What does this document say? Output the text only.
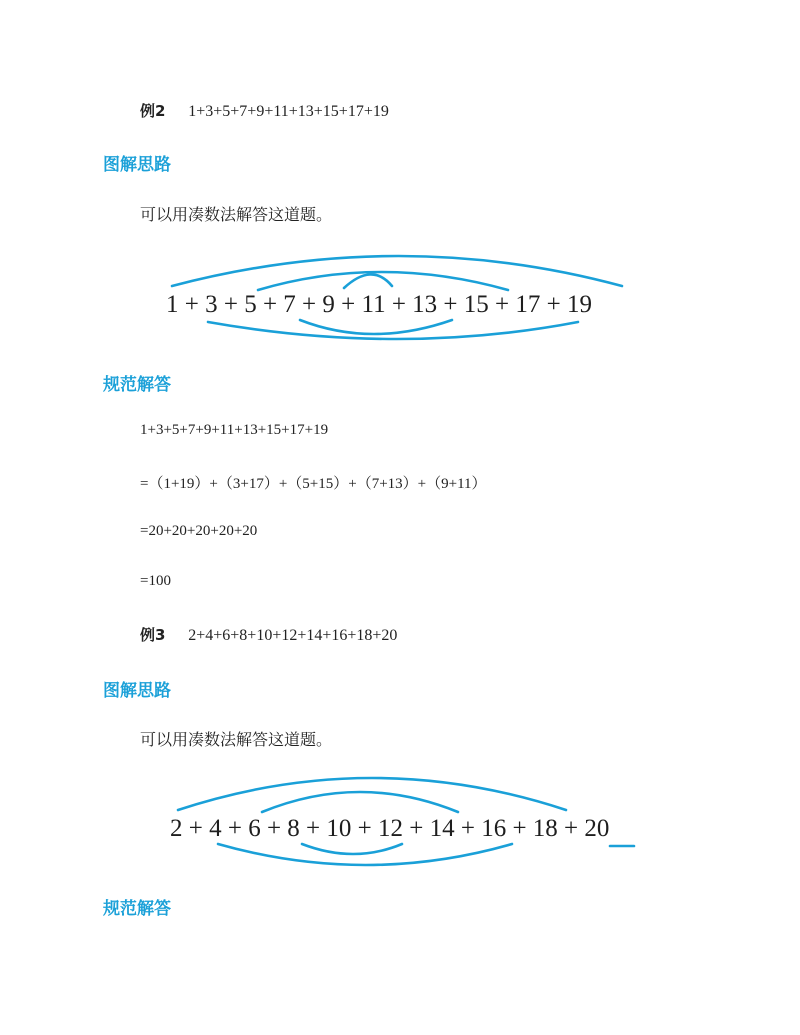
例2 1+3+5+7+9+11+13+15+17+19
图解思路
可以用凑数法解答这道题。
1 + 3 + 5 + 7 + 9 + 11 + 13 + 15 + 17 + 19
规范解答
1+3+5+7+9+11+13+15+17+19
=（1+19）+（3+17）+（5+15）+（7+13）+（9+11）
=20+20+20+20+20
=100
例3 2+4+6+8+10+12+14+16+18+20
图解思路
可以用凑数法解答这道题。
2 + 4 + 6 + 8 + 10 + 12 + 14 + 16 + 18 + 20
规范解答
